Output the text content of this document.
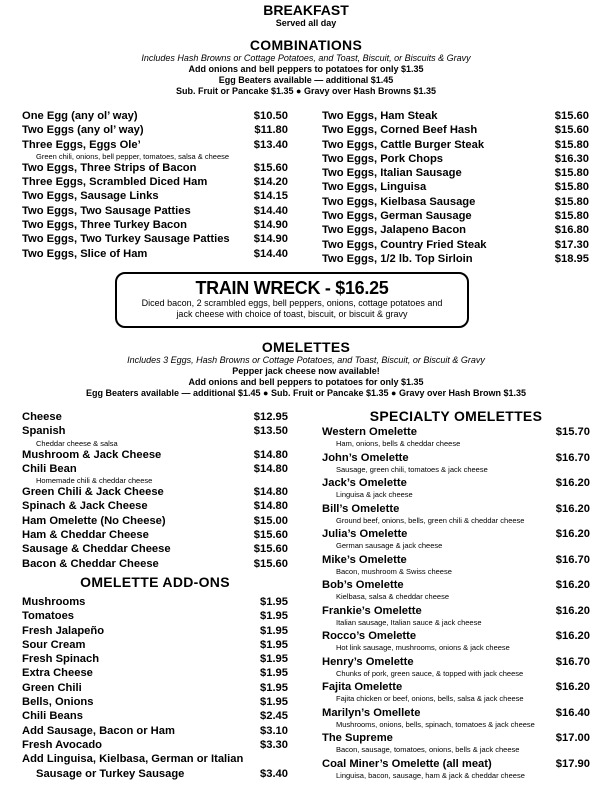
BREAKFAST
Served all day
COMBINATIONS
Includes Hash Browns or Cottage Potatoes, and Toast, Biscuit, or Biscuits & Gravy
Add onions and bell peppers to potatoes for only $1.35
Egg Beaters available — additional $1.45
Sub. Fruit or Pancake $1.35 ● Gravy over Hash Browns $1.35
One Egg (any ol’ way)	$10.50
Two Eggs (any ol’ way)	$11.80
Three Eggs, Eggs Ole’	$13.40
Green chili, onions, bell pepper, tomatoes, salsa & cheese
Two Eggs, Three Strips of Bacon	$15.60
Three Eggs, Scrambled Diced Ham	$14.20
Two Eggs, Sausage Links	$14.15
Two Eggs, Two Sausage Patties	$14.40
Two Eggs, Three Turkey Bacon	$14.90
Two Eggs, Two Turkey Sausage Patties $14.90
Two Eggs, Slice of Ham	$14.40
Two Eggs, Ham Steak	$15.60
Two Eggs, Corned Beef Hash	$15.60
Two Eggs, Cattle Burger Steak	$15.80
Two Eggs, Pork Chops	$16.30
Two Eggs, Italian Sausage	$15.80
Two Eggs, Linguisa	$15.80
Two Eggs, Kielbasa Sausage	$15.80
Two Eggs, German Sausage	$15.80
Two Eggs, Jalapeno Bacon	$16.80
Two Eggs, Country Fried Steak	$17.30
Two Eggs, 1/2 lb. Top Sirloin	$18.95
TRAIN WRECK - $16.25
Diced bacon, 2 scrambled eggs, bell peppers, onions, cottage potatoes and
jack cheese with choice of toast, biscuit, or biscuit & gravy
OMELETTES
Includes 3 Eggs, Hash Browns or Cottage Potatoes, and Toast, Biscuit, or Biscuit & Gravy
Pepper jack cheese now available!
Add onions and bell peppers to potatoes for only $1.35
Egg Beaters available — additional $1.45 ● Sub. Fruit or Pancake $1.35 ● Gravy over Hash Brown $1.35
Cheese	$12.95
Spanish	$13.50
Cheddar cheese & salsa
Mushroom & Jack Cheese	$14.80
Chili Bean	$14.80
Homemade chili & cheddar cheese
Green Chili & Jack Cheese	$14.80
Spinach & Jack Cheese	$14.80
Ham Omelette (No Cheese)	$15.00
Ham & Cheddar Cheese	$15.60
Sausage & Cheddar Cheese	$15.60
Bacon & Cheddar Cheese	$15.60
OMELETTE ADD-ONS
Mushrooms	$1.95
Tomatoes	$1.95
Fresh Jalapeño	$1.95
Sour Cream	$1.95
Fresh Spinach	$1.95
Extra Cheese	$1.95
Green Chili	$1.95
Bells, Onions	$1.95
Chili Beans	$2.45
Add Sausage, Bacon or Ham	$3.10
Fresh Avocado	$3.30
Add Linguisa, Kielbasa, German or Italian
Sausage or Turkey Sausage	$3.40
SPECIALTY OMELETTES
Western Omelette	$15.70
Ham, onions, bells & cheddar cheese
John’s Omelette	$16.70
Sausage, green chili, tomatoes & jack cheese
Jack’s Omelette	$16.20
Linguisa & jack cheese
Bill’s Omelette	$16.20
Ground beef, onions, bells, green chili & cheddar cheese
Julia’s Omelette	$16.20
German sausage & jack cheese
Mike’s Omelette	$16.70
Bacon, mushroom & Swiss cheese
Bob’s Omelette	$16.20
Kielbasa, salsa & cheddar cheese
Frankie’s Omelette	$16.20
Italian sausage, Italian sauce & jack cheese
Rocco’s Omelette	$16.20
Hot link sausage, mushrooms, onions & jack cheese
Henry’s Omelette	$16.70
Chunks of pork, green sauce, & topped with jack cheese
Fajita Omelette	$16.20
Fajita chicken or beef, onions, bells, salsa & jack cheese
Marilyn’s Omellete	$16.40
Mushrooms, onions, bells, spinach, tomatoes & jack cheese
The Supreme	$17.00
Bacon, sausage, tomatoes, onions, bells & jack cheese
Coal Miner’s Omelette (all meat)	$17.90
Linguisa, bacon, sausage, ham & jack & cheddar cheese
